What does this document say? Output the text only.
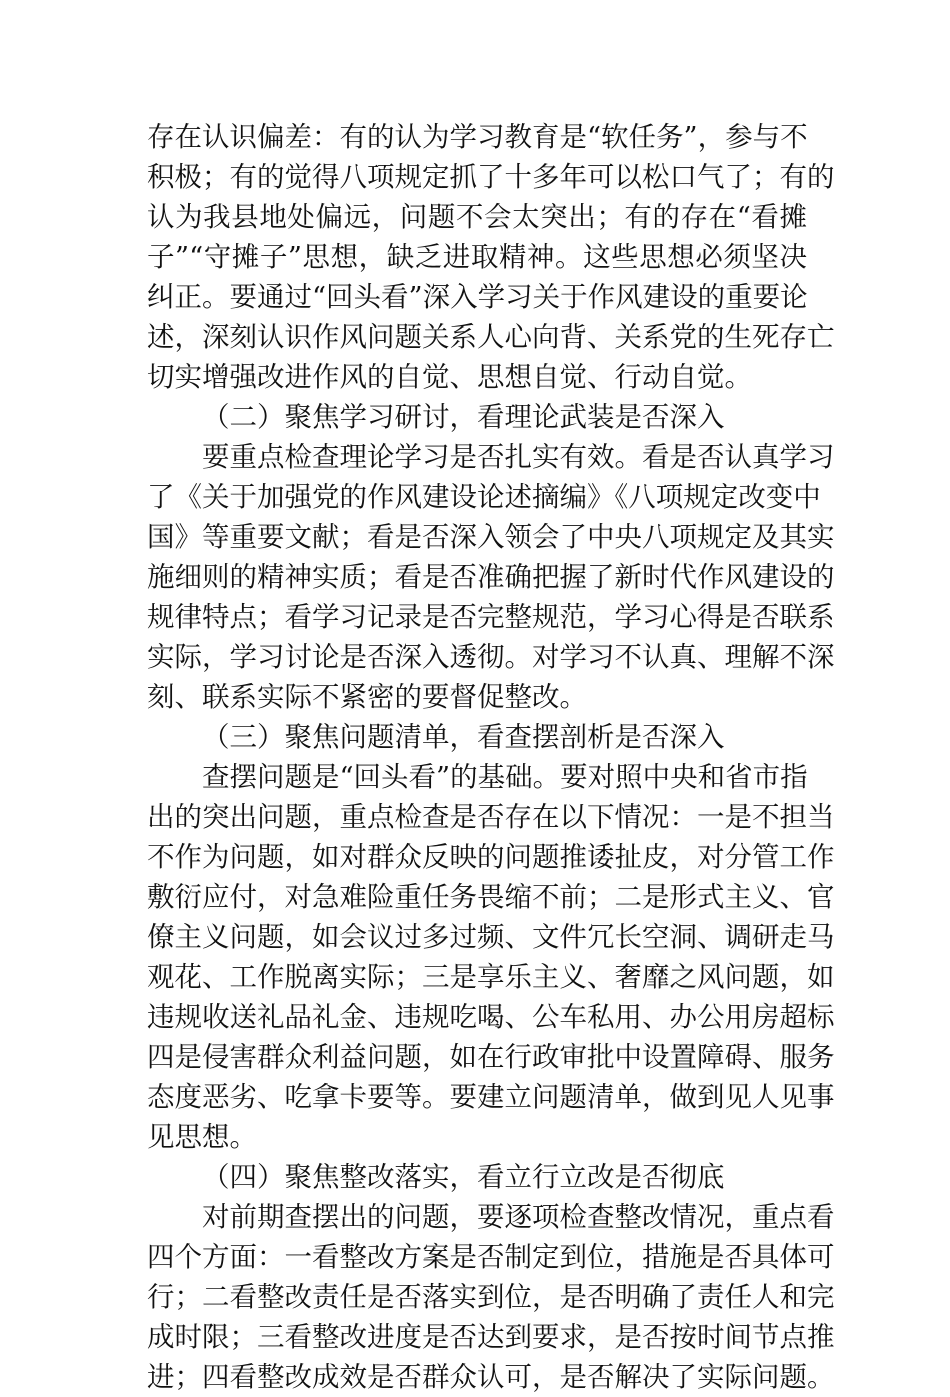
存在认识偏差：有的认为学习教育是“软任务”，参与不
积极；有的觉得八项规定抓了十多年可以松口气了；有的
认为我县地处偏远，问题不会太突出；有的存在“看摊
子”“守摊子”思想，缺乏进取精神。这些思想必须坚决
纠正。要通过“回头看”深入学习关于作风建设的重要论
述，深刻认识作风问题关系人心向背、关系党的生死存亡
切实增强改进作风的自觉、思想自觉、行动自觉。
（二）聚焦学习研讨，看理论武装是否深入
要重点检查理论学习是否扎实有效。看是否认真学习
了《关于加强党的作风建设论述摘编》《八项规定改变中
国》等重要文献；看是否深入领会了中央八项规定及其实
施细则的精神实质；看是否准确把握了新时代作风建设的
规律特点；看学习记录是否完整规范，学习心得是否联系
实际，学习讨论是否深入透彻。对学习不认真、理解不深
刻、联系实际不紧密的要督促整改。
（三）聚焦问题清单，看查摆剖析是否深入
查摆问题是“回头看”的基础。要对照中央和省市指
出的突出问题，重点检查是否存在以下情况：一是不担当
不作为问题，如对群众反映的问题推诿扯皮，对分管工作
敷衍应付，对急难险重任务畏缩不前；二是形式主义、官
僚主义问题，如会议过多过频、文件冗长空洞、调研走马
观花、工作脱离实际；三是享乐主义、奢靡之风问题，如
违规收送礼品礼金、违规吃喝、公车私用、办公用房超标
四是侵害群众利益问题，如在行政审批中设置障碍、服务
态度恶劣、吃拿卡要等。要建立问题清单，做到见人见事
见思想。
（四）聚焦整改落实，看立行立改是否彻底
对前期查摆出的问题，要逐项检查整改情况，重点看
四个方面：一看整改方案是否制定到位，措施是否具体可
行；二看整改责任是否落实到位，是否明确了责任人和完
成时限；三看整改进度是否达到要求，是否按时间节点推
进；四看整改成效是否群众认可，是否解决了实际问题。
